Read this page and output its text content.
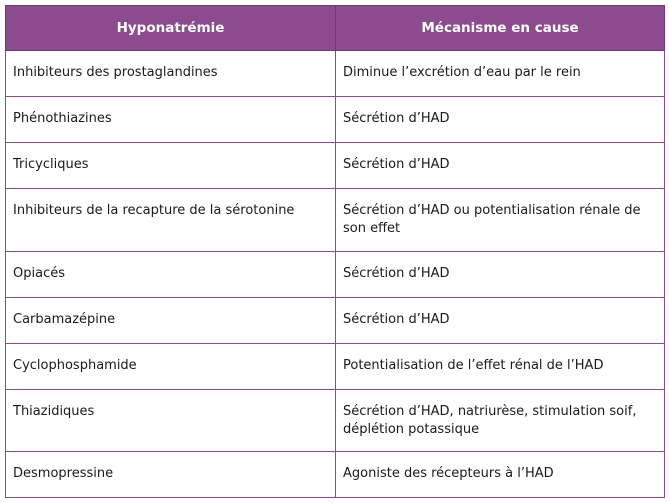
Hyponatrémie	Mécanisme en cause
Inhibiteurs des prostaglandines	Diminue l’excrétion d’eau par le rein
Phénothiazines	Sécrétion d’HAD
Tricycliques	Sécrétion d’HAD
Inhibiteurs de la recapture de la sérotonine	Sécrétion d’HAD ou potentialisation rénale de son effet
Opiacés	Sécrétion d’HAD
Carbamazépine	Sécrétion d’HAD
Cyclophosphamide	Potentialisation de l’effet rénal de l’HAD
Thiazidiques	Sécrétion d’HAD, natriurèse, stimulation soif, déplétion potassique
Desmopressine	Agoniste des récepteurs à l’HAD
